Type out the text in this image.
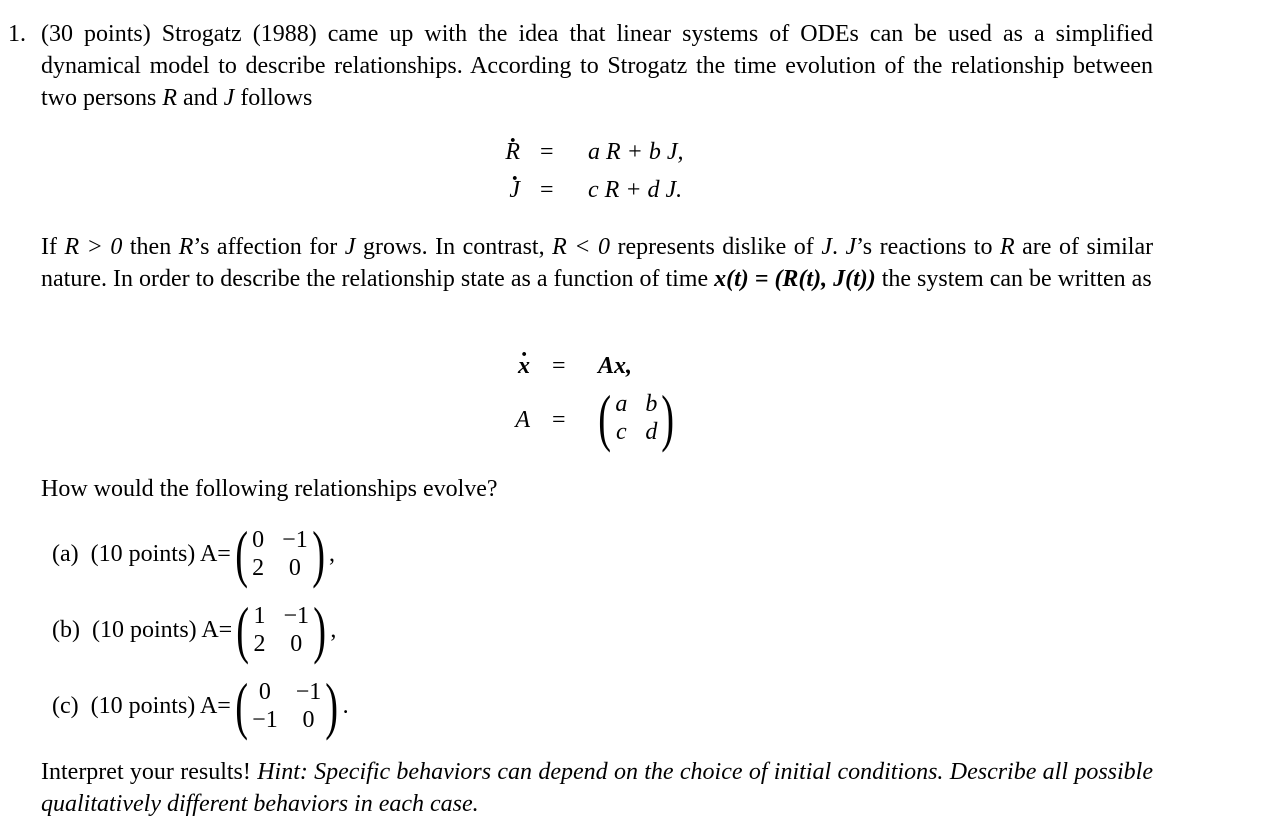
1. (30 points) Strogatz (1988) came up with the idea that linear systems of ODEs can be used as a simplified dynamical model to describe relationships. According to Strogatz the time evolution of the relationship between two persons R and J follows
· R = a R + b J,
· J = c R + d J.
If R > 0 then R’s affection for J grows. In contrast, R < 0 represents dislike of J. J’s reactions to R are of similar nature. In order to describe the relationship state as a function of time x(t) = (R(t), J(t)) the system can be written as
· x = Ax,
A = ( a b
c d )
How would the following relationships evolve?
(a)
(10 points) A= ( 0 −1
2 0 ) ,
(b)
(10 points) A= ( 1 −1
2 0 ) ,
(c)
(10 points) A= ( 0 −1
−1 0 ) .
Interpret your results! Hint: Specific behaviors can depend on the choice of initial conditions. Describe all possible qualitatively different behaviors in each case.
